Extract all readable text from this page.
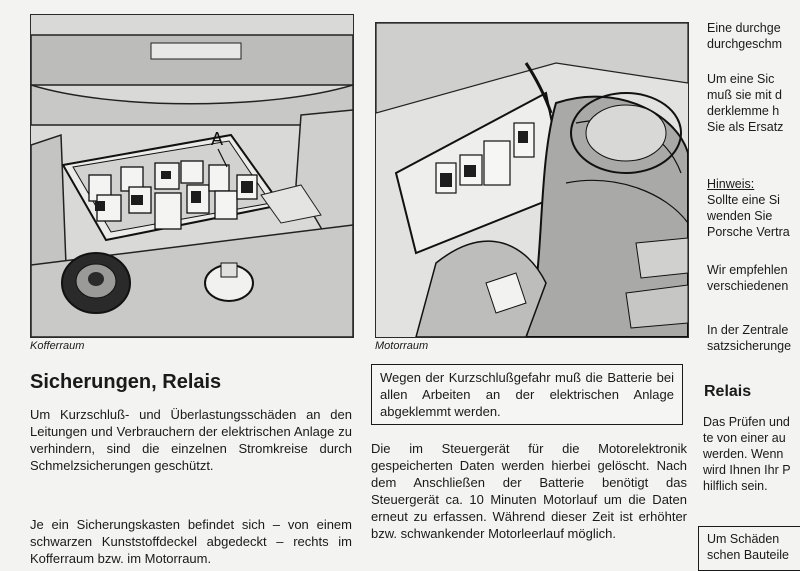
A
Kofferraum	Motorraum
Sicherungen, Relais
Um Kurzschluß- und Überlastungsschäden an den Leitungen und Verbrauchern der elektrischen Anlage zu verhindern, sind die einzelnen Stromkreise durch Schmelzsicherungen geschützt.
Je ein Sicherungskasten befindet sich – von einem schwarzen Kunststoffdeckel abgedeckt – rechts im Kofferraum bzw. im Motorraum.
Wegen der Kurzschlußgefahr muß die Batterie bei allen Arbeiten an der elektrischen Anlage abgeklemmt werden.
Die im Steuergerät für die Motorelektronik gespeicherten Daten werden hierbei gelöscht. Nach dem Anschließen der Batterie benötigt das Steuergerät ca. 10 Minuten Motorlauf um die Daten erneut zu erfassen. Während dieser Zeit ist erhöhter bzw. schwankender Motorleerlauf möglich.
Eine durchge
durchgeschm
Um eine Sic
muß sie mit d
derklemme h
Sie als Ersatz
Hinweis:
Sollte eine Si
wenden Sie
Porsche Vertra
Wir empfehlen
verschiedenen
In der Zentrale
satzsicherunge
Relais
Das Prüfen und
te von einer au
werden. Wenn
wird Ihnen Ihr P
hilflich sein.
Um Schäden
schen Bauteile
